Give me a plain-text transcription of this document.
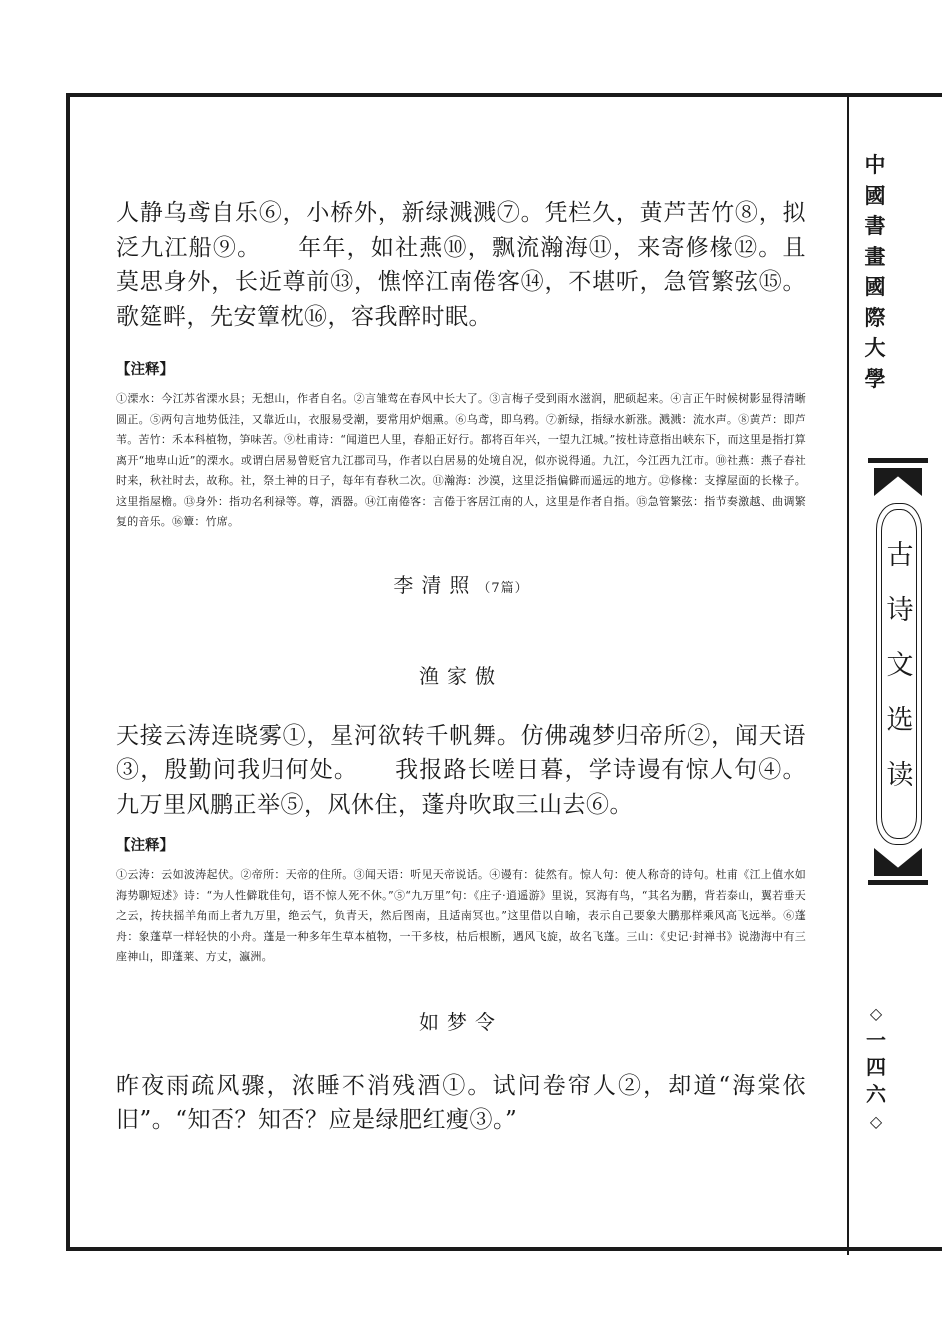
中
國
書
畫
國
際
大
學
古
诗
文
选
读
◇
一
四
六
◇

人静乌鸢自乐⑥，小桥外，新绿溅溅⑦。凭栏久，黄芦苦竹⑧，拟泛九江船⑨。　　年年，如社燕⑩，飘流瀚海⑪，来寄修椽⑫。且莫思身外，长近尊前⑬，憔悴江南倦客⑭，不堪听，急管繁弦⑮。歌筵畔，先安簟枕⑯，容我醉时眠。

【注释】

①溧水：今江苏省溧水县；无想山，作者自名。②言雏莺在春风中长大了。③言梅子受到雨水滋润，肥硕起来。④言正午时候树影显得清晰圆正。⑤两句言地势低洼，又靠近山，衣服易受潮，要常用炉烟熏。⑥乌鸢，即乌鸦。⑦新绿，指绿水新涨。溅溅：流水声。⑧黄芦：即芦苇。苦竹：禾本科植物，笋味苦。⑨杜甫诗：“闻道巴人里，春船正好行。都将百年兴，一望九江城。”按杜诗意指出峡东下，而这里是指打算离开“地卑山近”的溧水。或谓白居易曾贬官九江郡司马，作者以白居易的处境自况，似亦说得通。九江，今江西九江市。⑩社燕：燕子春社时来，秋社时去，故称。社，祭土神的日子，每年有春秋二次。⑪瀚海：沙漠，这里泛指偏僻而遥远的地方。⑫修椽：支撑屋面的长椽子。这里指屋檐。⑬身外：指功名利禄等。尊，酒器。⑭江南倦客：言倦于客居江南的人，这里是作者自指。⑮急管繁弦：指节奏激越、曲调繁复的音乐。⑯簟：竹席。

李清照（7篇）

渔家傲

天接云涛连晓雾①，星河欲转千帆舞。仿佛魂梦归帝所②，闻天语③，殷勤问我归何处。　　我报路长嗟日暮，学诗谩有惊人句④。九万里风鹏正举⑤，风休住，蓬舟吹取三山去⑥。

【注释】

①云涛：云如波涛起伏。②帝所：天帝的住所。③闻天语：听见天帝说话。④谩有：徒然有。惊人句：使人称奇的诗句。杜甫《江上值水如海势聊短述》诗：“为人性僻耽佳句，语不惊人死不休。”⑤“九万里”句：《庄子·逍遥游》里说，冥海有鸟，“其名为鹏，背若泰山，翼若垂天之云，抟扶摇羊角而上者九万里，绝云气，负青天，然后图南，且适南冥也。”这里借以自喻，表示自己要象大鹏那样乘风高飞远举。⑥蓬舟：象蓬草一样轻快的小舟。蓬是一种多年生草本植物，一干多枝，枯后根断，遇风飞旋，故名飞蓬。三山：《史记·封禅书》说渤海中有三座神山，即蓬莱、方丈，瀛洲。

如梦令

昨夜雨疏风骤，浓睡不消残酒①。试问卷帘人②，却道“海棠依旧”。“知否？知否？应是绿肥红瘦③。”
